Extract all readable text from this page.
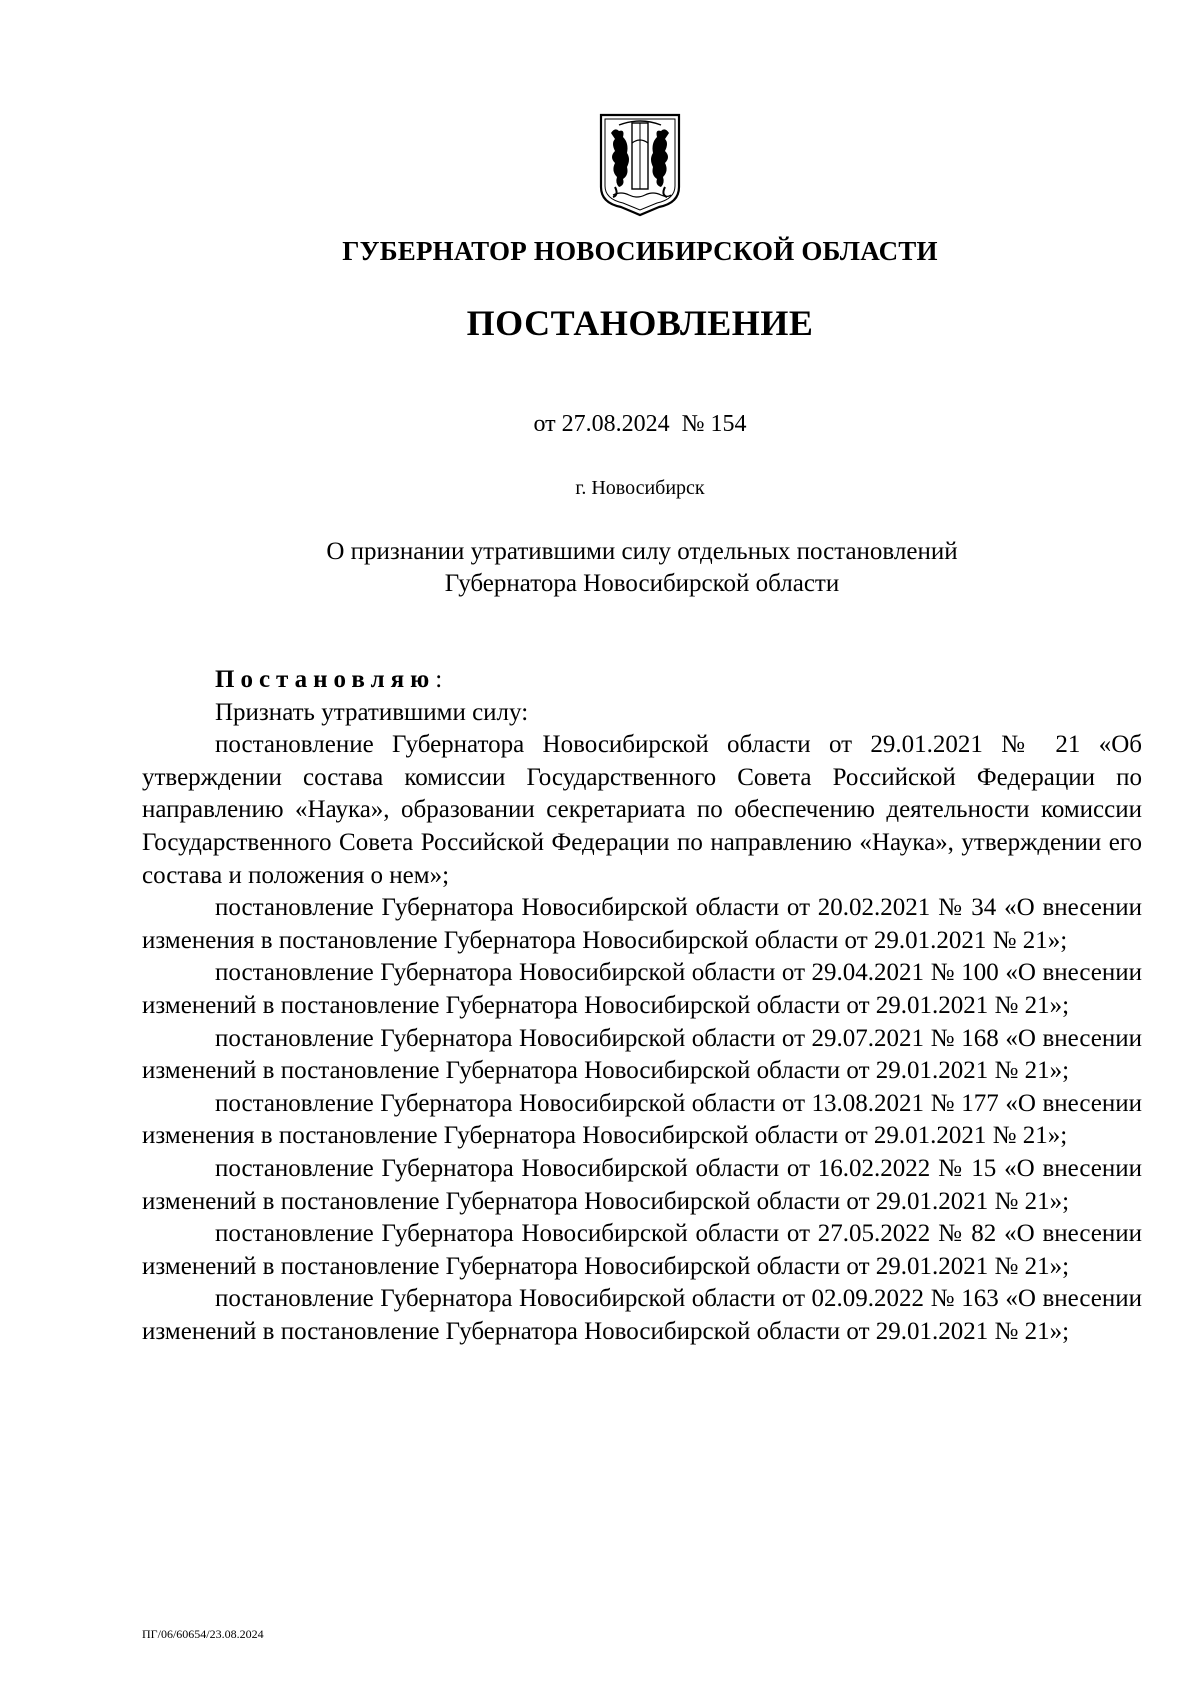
ГУБЕРНАТОР НОВОСИБИРСКОЙ ОБЛАСТИ
ПОСТАНОВЛЕНИЕ
от 27.08.2024  № 154
г. Новосибирск
О признании утратившими силу отдельных постановлений
Губернатора Новосибирской области

Постановляю:

Признать утратившими силу:

постановление Губернатора Новосибирской области от 29.01.2021 № 21 «Об утверждении состава комиссии Государственного Совета Российской Федерации по направлению «Наука», образовании секретариата по обеспечению деятельности комиссии Государственного Совета Российской Федерации по направлению «Наука», утверждении его состава и положения о нем»;

постановление Губернатора Новосибирской области от 20.02.2021 № 34 «О внесении изменения в постановление Губернатора Новосибирской области от 29.01.2021 № 21»;

постановление Губернатора Новосибирской области от 29.04.2021 № 100 «О внесении изменений в постановление Губернатора Новосибирской области от 29.01.2021 № 21»;

постановление Губернатора Новосибирской области от 29.07.2021 № 168 «О внесении изменений в постановление Губернатора Новосибирской области от 29.01.2021 № 21»;

постановление Губернатора Новосибирской области от 13.08.2021 № 177 «О внесении изменения в постановление Губернатора Новосибирской области от 29.01.2021 № 21»;

постановление Губернатора Новосибирской области от 16.02.2022 № 15 «О внесении изменений в постановление Губернатора Новосибирской области от 29.01.2021 № 21»;

постановление Губернатора Новосибирской области от 27.05.2022 № 82 «О внесении изменений в постановление Губернатора Новосибирской области от 29.01.2021 № 21»;

постановление Губернатора Новосибирской области от 02.09.2022 № 163 «О внесении изменений в постановление Губернатора Новосибирской области от 29.01.2021 № 21»;

ПГ/06/60654/23.08.2024
